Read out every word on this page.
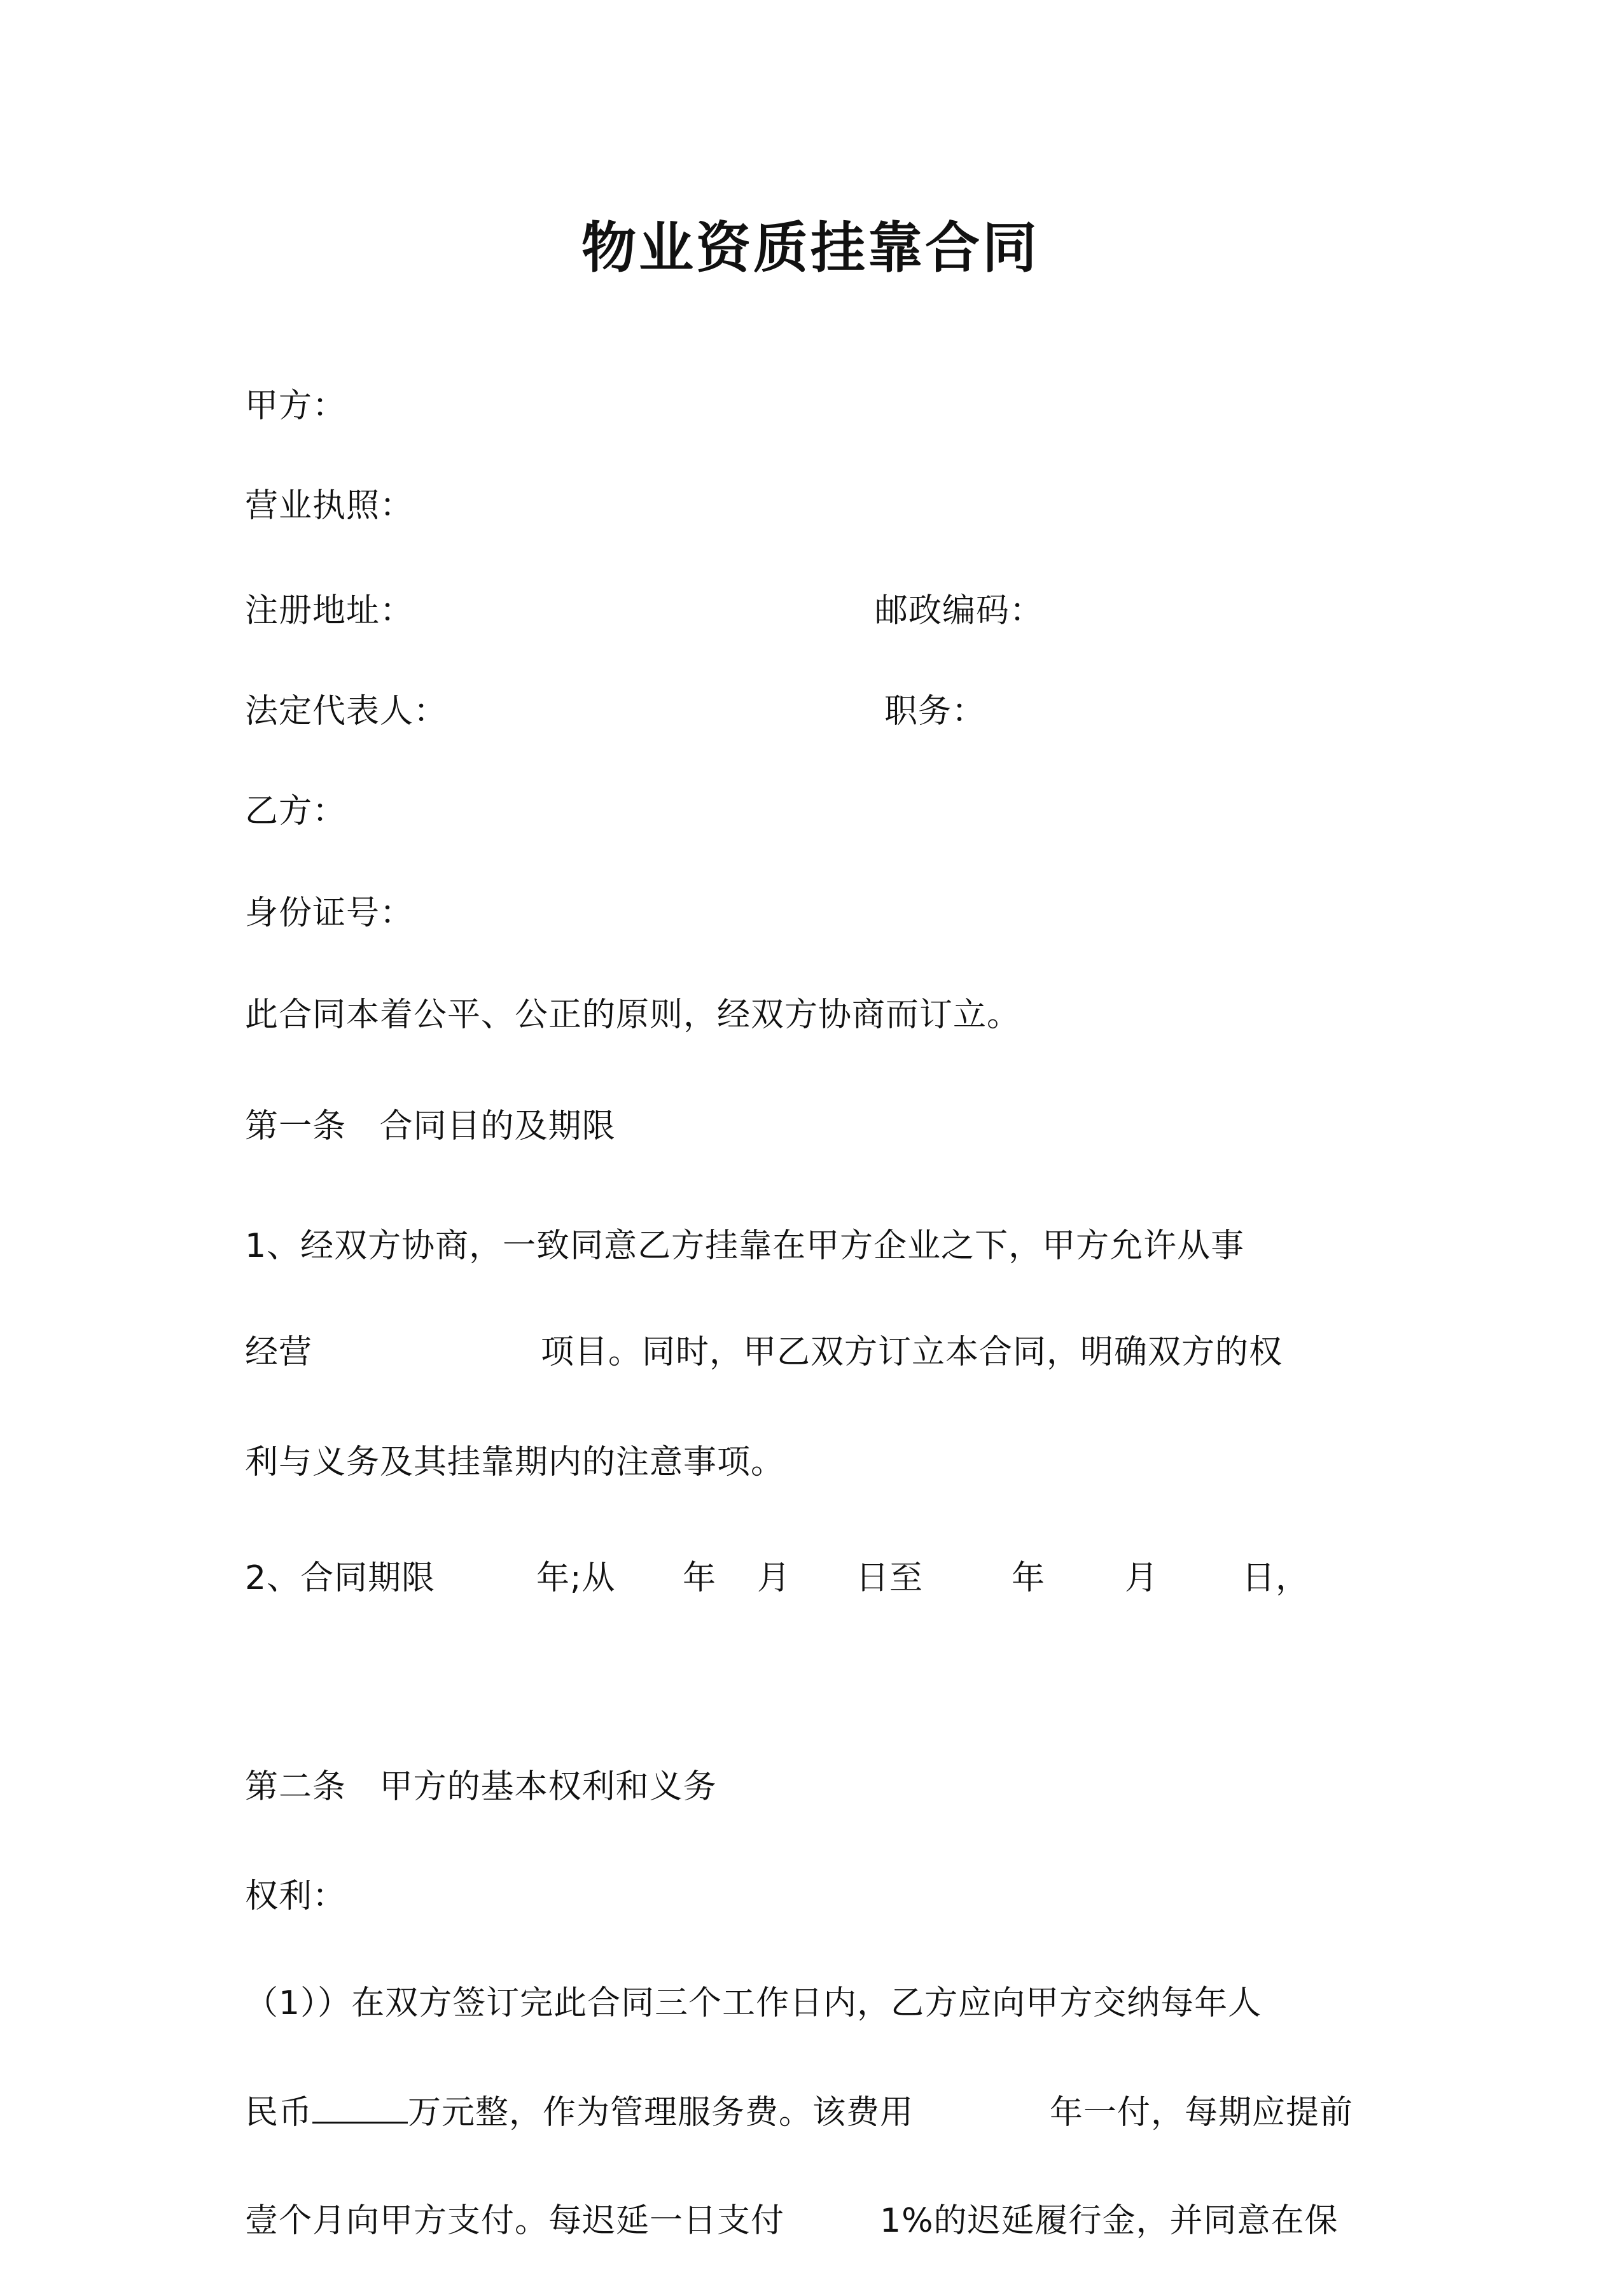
物业资质挂靠合同
甲方：
营业执照：
注册地址：	邮政编码：
法定代表人：	职务：
乙方：
身份证号：
此合同本着公平、公正的原则，经双方协商而订立。
第一条   合同目的及期限
1、经双方协商，一致同意乙方挂靠在甲方企业之下，甲方允许从事
经营	项目。同时，甲乙双方订立本合同，明确双方的权
利与义务及其挂靠期内的注意事项。
2、合同期限	年;从 年 月 日至	年 月	日，
第二条   甲方的基本权利和义务
权利：
（1））在双方签订完此合同三个工作日内，乙方应向甲方交纳每年人
民币	万元整，作为管理服务费。该费用	年一付，每期应提前
壹个月向甲方支付。每迟延一日支付	1%的迟延履行金，并同意在保
